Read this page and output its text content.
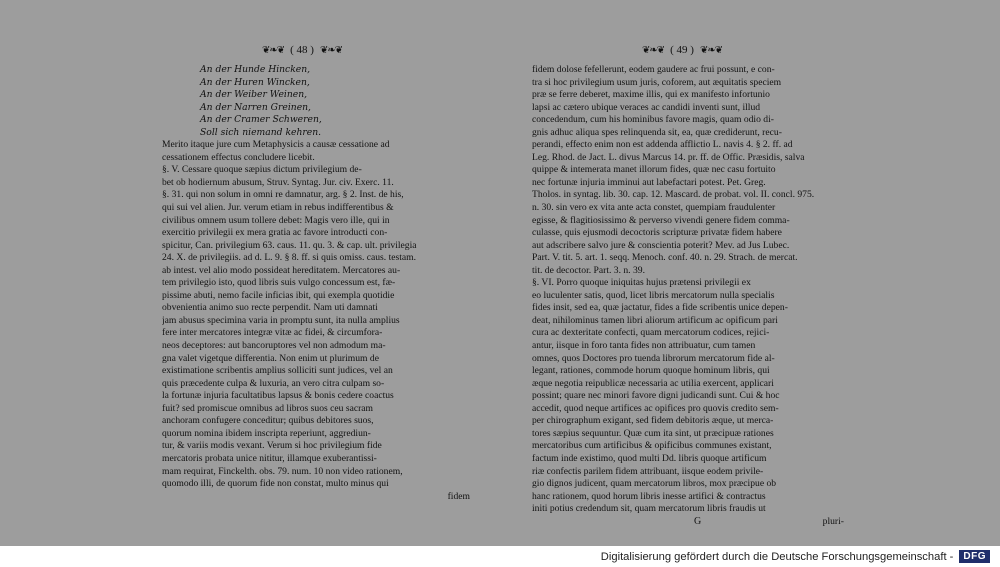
❦❧❦ ( 48 ) ❦❧❦	❦❧❦ ( 49 ) ❦❧❦
An der Hunde Hincken,
An der Huren Wincken,
An der Weiber Weinen,
An der Narren Greinen,
An der Cramer Schweren,
Soll sich niemand kehren.
Merito itaque jure cum Metaphysicis a causæ cessatione ad
cessationem effectus concludere licebit.
§. V. Cessare quoque sæpius dictum privilegium de-
bet ob hodiernum abusum, Struv. Syntag. Jur. civ. Exerc. 11.
§. 31. qui non solum in omni re damnatur, arg. § 2. Inst. de his,
qui sui vel alien. Jur. verum etiam in rebus indifferentibus &
civilibus omnem usum tollere debet: Magis vero ille, qui in
exercitio privilegii ex mera gratia ac favore introducti con-
spicitur, Can. privilegium 63. caus. 11. qu. 3. & cap. ult. privilegia
24. X. de privilegiis. ad d. L. 9. § 8. ff. si quis omiss. caus. testam.
ab intest. vel alio modo possideat hereditatem. Mercatores au-
tem privilegio isto, quod libris suis vulgo concessum est, fæ-
pissime abuti, nemo facile inficias ibit, qui exempla quotidie
obvenientia animo suo recte perpendit. Nam uti damnati
jam abusus specimina varia in promptu sunt, ita nulla amplius
fere inter mercatores integræ vitæ ac fidei, & circumfora-
neos deceptores: aut bancoruptores vel non admodum ma-
gna valet vigetque differentia. Non enim ut plurimum de
existimatione scribentis amplius solliciti sunt judices, vel an
quis præcedente culpa & luxuria, an vero citra culpam so-
la fortunæ injuria facultatibus lapsus & bonis cedere coactus
fuit? sed promiscue omnibus ad libros suos ceu sacram
anchoram confugere conceditur; quibus debitores suos,
quorum nomina ibidem inscripta reperiunt, aggrediun-
tur, & variis modis vexant. Verum si hoc privilegium fide
mercatoris probata unice nititur, illamque exuberantissi-
mam requirat, Finckelth. obs. 79. num. 10 non video rationem,
quomodo illi, de quorum fide non constat, multo minus qui
fidem
fidem dolose fefellerunt, eodem gaudere ac frui possunt, e con-
tra si hoc privilegium usum juris, coforem, aut æquitatis speciem
præ se ferre deberet, maxime illis, qui ex manifesto infortunio
lapsi ac cætero ubique veraces ac candidi inventi sunt, illud
concedendum, cum his hominibus favore magis, quam odio di-
gnis adhuc aliqua spes relinquenda sit, ea, quæ crediderunt, recu-
perandi, effecto enim non est addenda afflictio L. navis 4. § 2. ff. ad
Leg. Rhod. de Jact. L. divus Marcus 14. pr. ff. de Offic. Præsidis, salva
quippe & intemerata manet illorum fides, quæ nec casu fortuito
nec fortunæ injuria imminui aut labefactari potest. Pet. Greg.
Tholos. in syntag. lib. 30. cap. 12. Mascard. de probat. vol. II. concl. 975.
n. 30. sin vero ex vita ante acta constet, quempiam fraudulenter
egisse, & flagitiosissimo & perverso vivendi genere fidem comma-
culasse, quis ejusmodi decoctoris scripturæ privatæ fidem habere
aut adscribere salvo jure & conscientia poterit? Mev. ad Jus Lubec.
Part. V. tit. 5. art. 1. seqq. Menoch. conf. 40. n. 29. Strach. de mercat.
tit. de decoctor. Part. 3. n. 39.
§. VI. Porro quoque iniquitas hujus prætensi privilegii ex
eo luculenter satis, quod, licet libris mercatorum nulla specialis
fides insit, sed ea, quæ jactatur, fides a fide scribentis unice depen-
deat, nihilominus tamen libri aliorum artificum ac opificum pari
cura ac dexteritate confecti, quam mercatorum codices, rejici-
antur, iisque in foro tanta fides non attribuatur, cum tamen
omnes, quos Doctores pro tuenda librorum mercatorum fide al-
legant, rationes, commode horum quoque hominum libris, qui
æque negotia reipublicæ necessaria ac utilia exercent, applicari
possint; quare nec minori favore digni judicandi sunt. Cui & hoc
accedit, quod neque artifices ac opifices pro quovis credito sem-
per chirographum exigant, sed fidem debitoris æque, ut merca-
tores sæpius sequuntur. Quæ cum ita sint, ut præcipuæ rationes
mercatoribus cum artificibus & opificibus communes existant,
factum inde existimo, quod multi Dd. libris quoque artificum
riæ confectis parilem fidem attribuant, iisque eodem privile-
gio dignos judicent, quam mercatorum libros, mox præcipue ob
hanc rationem, quod horum libris inesse artifici & contractus
initi potius credendum sit, quam mercatorum libris fraudis ut
G	pluri-
Digitalisierung gefördert durch die Deutsche Forschungsgemeinschaft -	DFG
